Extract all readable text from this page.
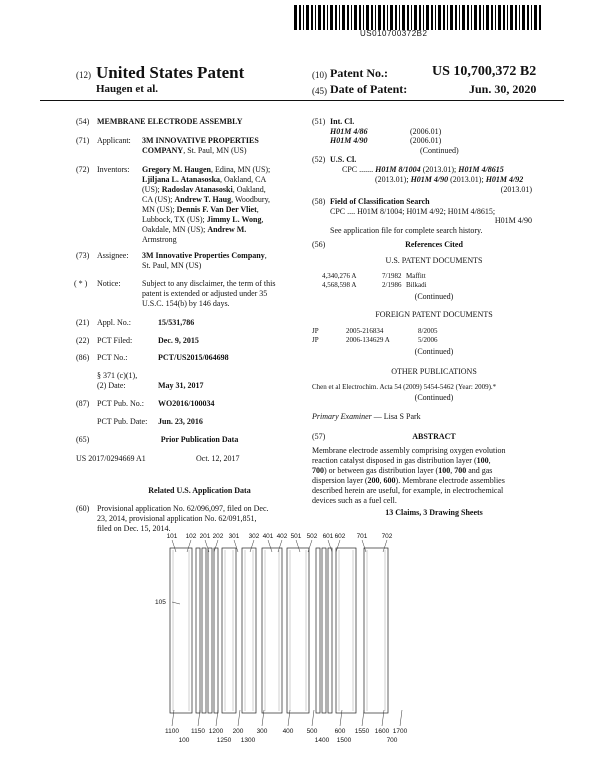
US010700372B2
(12) United States Patent
Haugen et al.
(10) Patent No.:	US 10,700,372 B2
(45) Date of Patent:	Jun. 30, 2020
(54) MEMBRANE ELECTRODE ASSEMBLY
(71) Applicant: 3M INNOVATIVE PROPERTIES
COMPANY, St. Paul, MN (US)
(72) Inventors: Gregory M. Haugen, Edina, MN (US);
Ljiljana L. Atanasoska, Oakland, CA
(US); Radoslav Atanasoski, Oakland,
CA (US); Andrew T. Haug, Woodbury,
MN (US); Dennis F. Van Der Vliet,
Lubbock, TX (US); Jimmy L. Wong,
Oakdale, MN (US); Andrew M.
Armstrong
(73) Assignee: 3M Innovative Properties Company,
St. Paul, MN (US)
( * ) Notice:	Subject to any disclaimer, the term of this
patent is extended or adjusted under 35
U.S.C. 154(b) by 146 days.
(21) Appl. No.:	15/531,786
(22) PCT Filed:	Dec. 9, 2015
(86) PCT No.:	PCT/US2015/064698
§ 371 (c)(1),
(2) Date:	May 31, 2017
(87) PCT Pub. No.: WO2016/100034
PCT Pub. Date: Jun. 23, 2016
(65)	Prior Publication Data
US 2017/0294669 A1	Oct. 12, 2017
Related U.S. Application Data
(60) Provisional application No. 62/096,097, filed on Dec.
23, 2014, provisional application No. 62/091,851,
filed on Dec. 15, 2014.
(51) Int. Cl.
H01M 4/86	(2006.01)
H01M 4/90	(2006.01)
(Continued)
(52) U.S. Cl.
CPC ....... H01M 8/1004 (2013.01); H01M 4/8615
(2013.01); H01M 4/90 (2013.01); H01M 4/92
(2013.01)
(58) Field of Classification Search
CPC .... H01M 8/1004; H01M 4/92; H01M 4/8615;
H01M 4/90
See application file for complete search history.
(56)	References Cited
U.S. PATENT DOCUMENTS
4,340,276 A	7/1982 Maffitt
4,568,598 A	2/1986 Bilkadi
(Continued)
FOREIGN PATENT DOCUMENTS
JP	2005-216834	8/2005
JP	2006-134629 A	5/2006
(Continued)
OTHER PUBLICATIONS
Chen et al Electrochim. Acta 54 (2009) 5454-5462 (Year: 2009).*
(Continued)
Primary Examiner — Lisa S Park
(57)	ABSTRACT
Membrane electrode assembly comprising oxygen evolution
reaction catalyst disposed in gas distribution layer (100,
700) or between gas distribution layer (100, 700 and gas
dispersion layer (200, 600). Membrane electrode assemblies
described herein are useful, for example, in electrochemical
devices such as a fuel cell.
13 Claims, 3 Drawing Sheets
101 102 201 202 301 302 401 402 501 502 601 602 701 702
105
1100 1150 1200 200 300 400 500	600 1550 1600 1700
100	1250 1300	1400 1500	700
